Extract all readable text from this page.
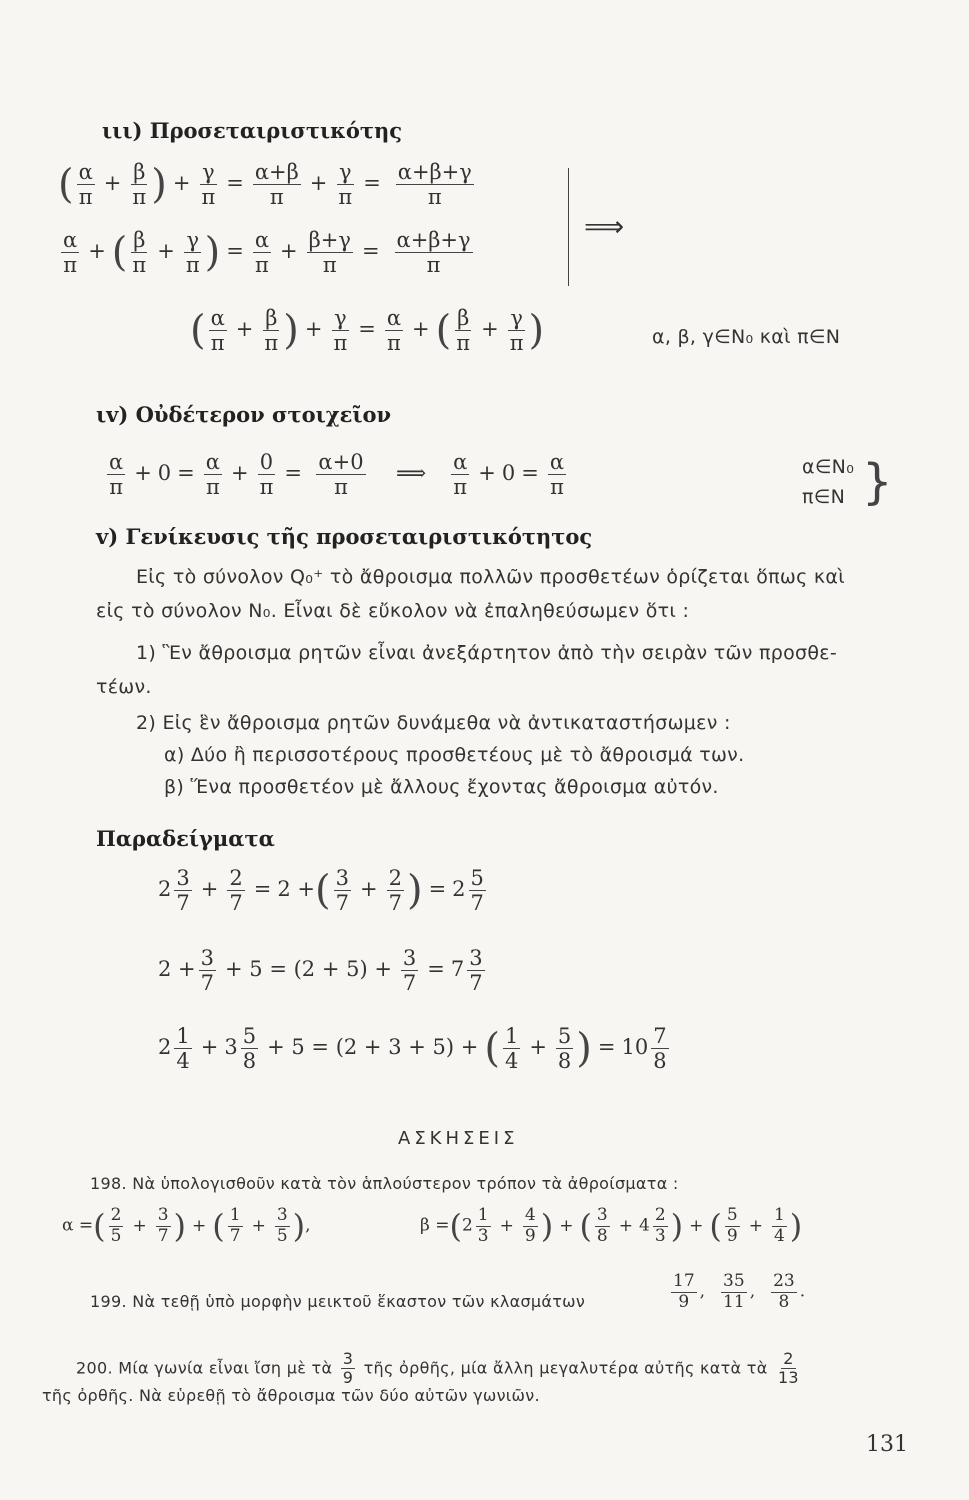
ιιι) Προσεταιριστικότης
( $\frac{\alpha}{\pi} + \frac{\beta}{\pi}$ ) + $\frac{\gamma}{\pi} = \frac{\alpha+\beta}{\pi} + \frac{\gamma}{\pi} = \frac{\alpha+\beta+\gamma}{\pi}$
$\frac{\alpha}{\pi}$ + ( $\frac{\beta}{\pi} + \frac{\gamma}{\pi}$ ) = $\frac{\alpha}{\pi} + \frac{\beta+\gamma}{\pi} = \frac{\alpha+\beta+\gamma}{\pi}$
⟹
( $\frac{\alpha}{\pi} + \frac{\beta}{\pi}$ ) + $\frac{\gamma}{\pi} = \frac{\alpha}{\pi}$ + ( $\frac{\beta}{\pi} + \frac{\gamma}{\pi}$ )	α, β, γ∈N₀ καὶ π∈N
ιv) Οὐδέτερον στοιχεῖον
$\frac{\alpha}{\pi} + 0 = \frac{\alpha}{\pi} + \frac{0}{\pi} = \frac{\alpha+0}{\pi}$ ⟹ $\frac{\alpha}{\pi} + 0 = \frac{\alpha}{\pi}$	α∈N₀
π∈N }
v) Γενίκευσις τῆς προσεταιριστικότητος
Εἰς τὸ σύνολον Q₀⁺ τὸ ἄθροισμα πολλῶν προσθετέων ὁρίζεται ὅπως καὶ
εἰς τὸ σύνολον N₀. Εἶναι δὲ εὔκολον νὰ ἐπαληθεύσωμεν ὅτι :
1) Ἓν ἄθροισμα ρητῶν εἶναι ἀνεξάρτητον ἀπὸ τὴν σειρὰν τῶν προσθε-
τέων.
2) Εἰς ἓν ἄθροισμα ρητῶν δυνάμεθα νὰ ἀντικαταστήσωμεν :
α) Δύο ἢ περισσοτέρους προσθετέους μὲ τὸ ἄθροισμά των.
β) Ἕνα προσθετέον μὲ ἄλλους ἔχοντας ἄθροισμα αὐτόν.
Παραδείγματα
$2 \frac{3}{7} + \frac{2}{7} = 2$ +( $\frac{3}{7} + \frac{2}{7}$ ) = $2 \frac{5}{7}$
$2 + \frac{3}{7} + 5 = (2 + 5) + \frac{3}{7} = 7 \frac{3}{7}$
$2 \frac{1}{4} + 3 \frac{5}{8} + 5 = (2 + 3 + 5)$ + ( $\frac{1}{4} + \frac{5}{8}$ ) = $10 \frac{7}{8}$
ΑΣΚΗΣΕΙΣ
198. Νὰ ὑπολογισθοῦν κατὰ τὸν ἁπλούστερον τρόπον τὰ ἀθροίσματα :
α =( $\frac{2}{5} + \frac{3}{7}$ ) + ( $\frac{1}{7} + \frac{3}{5}$ ),	$\beta =(2 \frac{1}{3} + \frac{4}{9}$ ) + ( $\frac{3}{8} + 4 \frac{2}{3}$ ) + ( $\frac{5}{9} + \frac{1}{4}$ )
199. Νὰ τεθῇ ὑπὸ μορφὴν μεικτοῦ ἕκαστον τῶν κλασμάτων	$\frac{17}{9}$ , $\frac{35}{11}$ , $\frac{23}{8}$ .
200. Μία γωνία εἶναι ἴση μὲ τὰ $\frac{3}{9}$ τῆς ὀρθῆς, μία ἄλλη μεγαλυτέρα αὐτῆς κατὰ τὰ $\frac{2}{13}$
τῆς ὀρθῆς. Νὰ εὑρεθῇ τὸ ἄθροισμα τῶν δύο αὐτῶν γωνιῶν.
131
